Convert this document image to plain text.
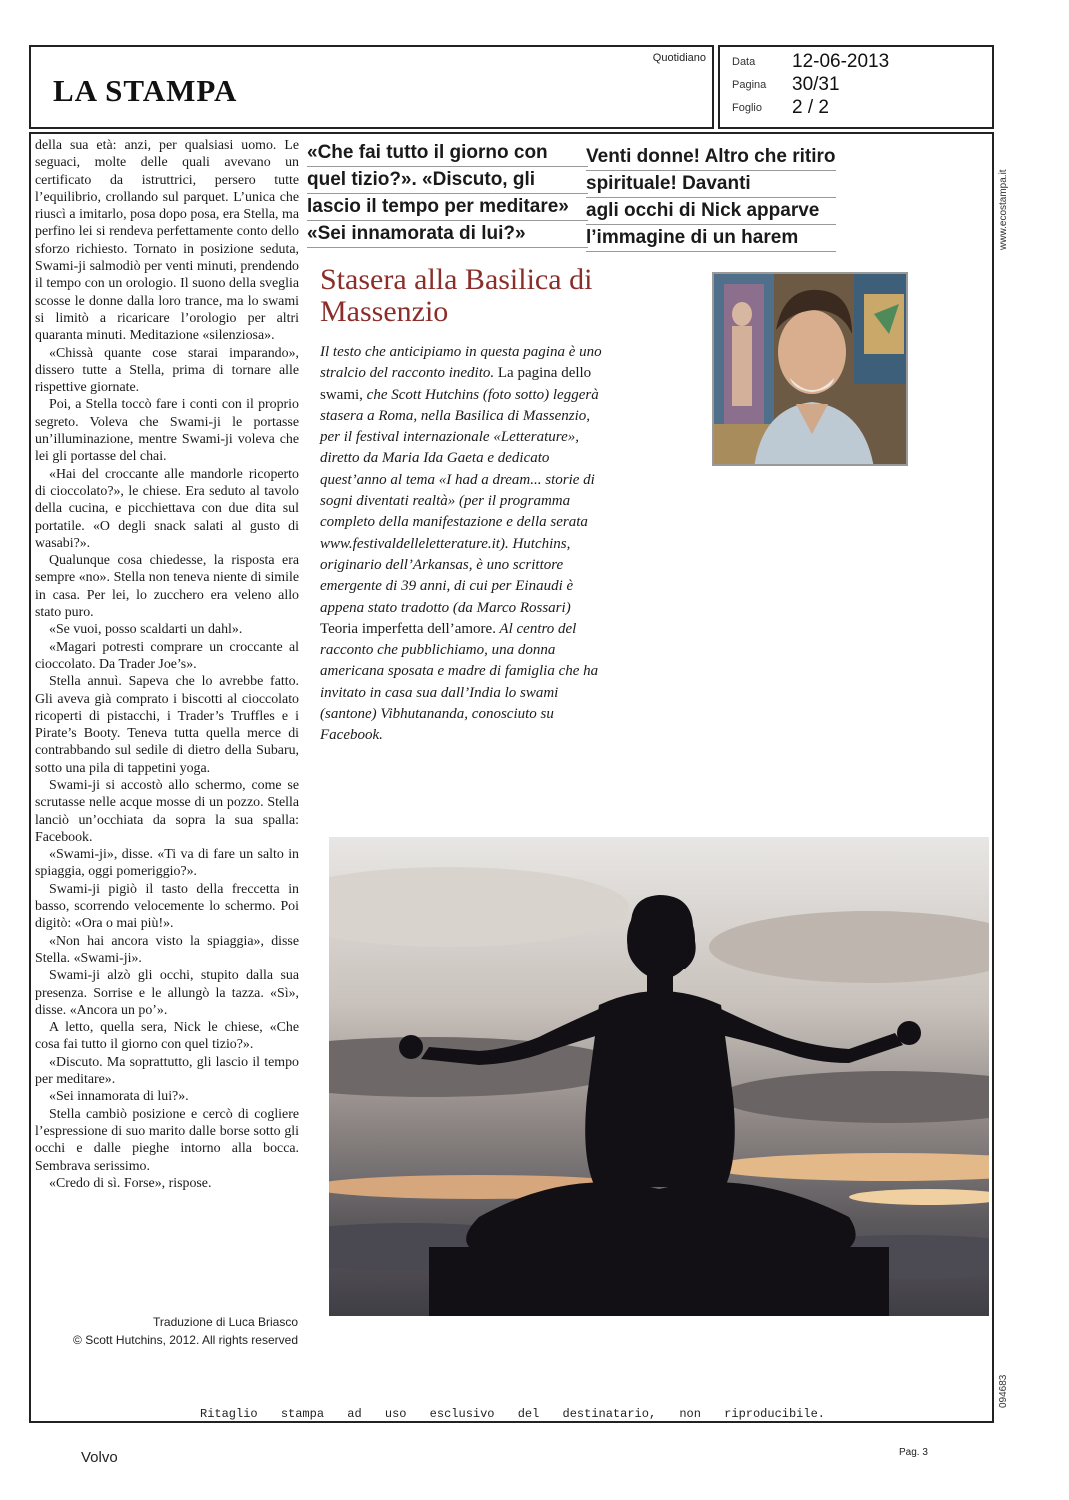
LA STAMPA
Quotidiano Data 12-06-2013
Pagina 30/31
Foglio 2 / 2

della sua età: anzi, per qualsiasi uomo. Le seguaci, molte delle quali avevano un certificato da istruttrici, persero tutte l’equilibrio, crollando sul parquet. L’unica che riuscì a imitarlo, posa dopo posa, era Stella, ma perfino lei si rendeva perfettamente conto dello sforzo richiesto. Tornato in posizione seduta, Swami-ji salmodiò per venti minuti, prendendo il tempo con un orologio. Il suono della sveglia scosse le donne dalla loro trance, ma lo swami si limitò a ricaricare l’orologio per altri quaranta minuti. Meditazione «silenziosa».

«Chissà quante cose starai imparando», dissero tutte a Stella, prima di tornare alle rispettive giornate.

Poi, a Stella toccò fare i conti con il proprio segreto. Voleva che Swami-ji le portasse un’illuminazione, mentre Swami-ji voleva che lei gli portasse del chai.

«Hai del croccante alle mandorle ricoperto di cioccolato?», le chiese. Era seduto al tavolo della cucina, e picchiettava con due dita sul portatile. «O degli snack salati al gusto di wasabi?».

Qualunque cosa chiedesse, la risposta era sempre «no». Stella non teneva niente di simile in casa. Per lei, lo zucchero era veleno allo stato puro.

«Se vuoi, posso scaldarti un dahl».

«Magari potresti comprare un croccante al cioccolato. Da Trader Joe’s».

Stella annuì. Sapeva che lo avrebbe fatto. Gli aveva già comprato i biscotti al cioccolato ricoperti di pistacchi, i Trader’s Truffles e i Pirate’s Booty. Teneva tutta quella merce di contrabbando sul sedile di dietro della Subaru, sotto una pila di tappetini yoga.

Swami-ji si accostò allo schermo, come se scrutasse nelle acque mosse di un pozzo. Stella lanciò un’occhiata da sopra la sua spalla: Facebook.

«Swami-ji», disse. «Ti va di fare un salto in spiaggia, oggi pomeriggio?».

Swami-ji pigiò il tasto della freccetta in basso, scorrendo velocemente lo schermo. Poi digitò: «Ora o mai più!».

«Non hai ancora visto la spiaggia», disse Stella. «Swami-ji».

Swami-ji alzò gli occhi, stupito dalla sua presenza. Sorrise e le allungò la tazza. «Sì», disse. «Ancora un po’».

A letto, quella sera, Nick le chiese, «Che cosa fai tutto il giorno con quel tizio?».

«Discuto. Ma soprattutto, gli lascio il tempo per meditare».

«Sei innamorata di lui?».

Stella cambiò posizione e cercò di cogliere l’espressione di suo marito dalle borse sotto gli occhi e dalle pieghe intorno alla bocca. Sembrava serissimo.

«Credo di sì. Forse», rispose.

Traduzione di Luca Briasco
© Scott Hutchins, 2012. All rights reserved
«Che fai tutto il giorno con
quel tizio?». «Discuto, gli
lascio il tempo per meditare»
«Sei innamorata di lui?»
Venti donne! Altro che ritiro
spirituale! Davanti
agli occhi di Nick apparve
l’immagine di un harem
Stasera alla Basilica di Massenzio
Il testo che anticipiamo in questa pagina è uno stralcio del racconto inedito. La pagina dello swami, che Scott Hutchins (foto sotto) leggerà stasera a Roma, nella Basilica di Massenzio, per il festival internazionale «Letterature», diretto da Maria Ida Gaeta e dedicato quest’anno al tema «I had a dream... storie di sogni diventati realtà» (per il programma completo della manifestazione e della serata www.festivaldelleletterature.it). Hutchins, originario dell’Arkansas, è uno scrittore emergente di 39 anni, di cui per Einaudi è appena stato tradotto (da Marco Rossari) Teoria imperfetta dell’amore. Al centro del racconto che pubblichiamo, una donna americana sposata e madre di famiglia che ha invitato in casa sua dall’India lo swami (santone) Vibhutananda, conosciuto su Facebook.
www.ecostampa.it
094683
Ritaglio stampa ad uso esclusivo del destinatario, non riproducibile.
Volvo	Pag. 3
